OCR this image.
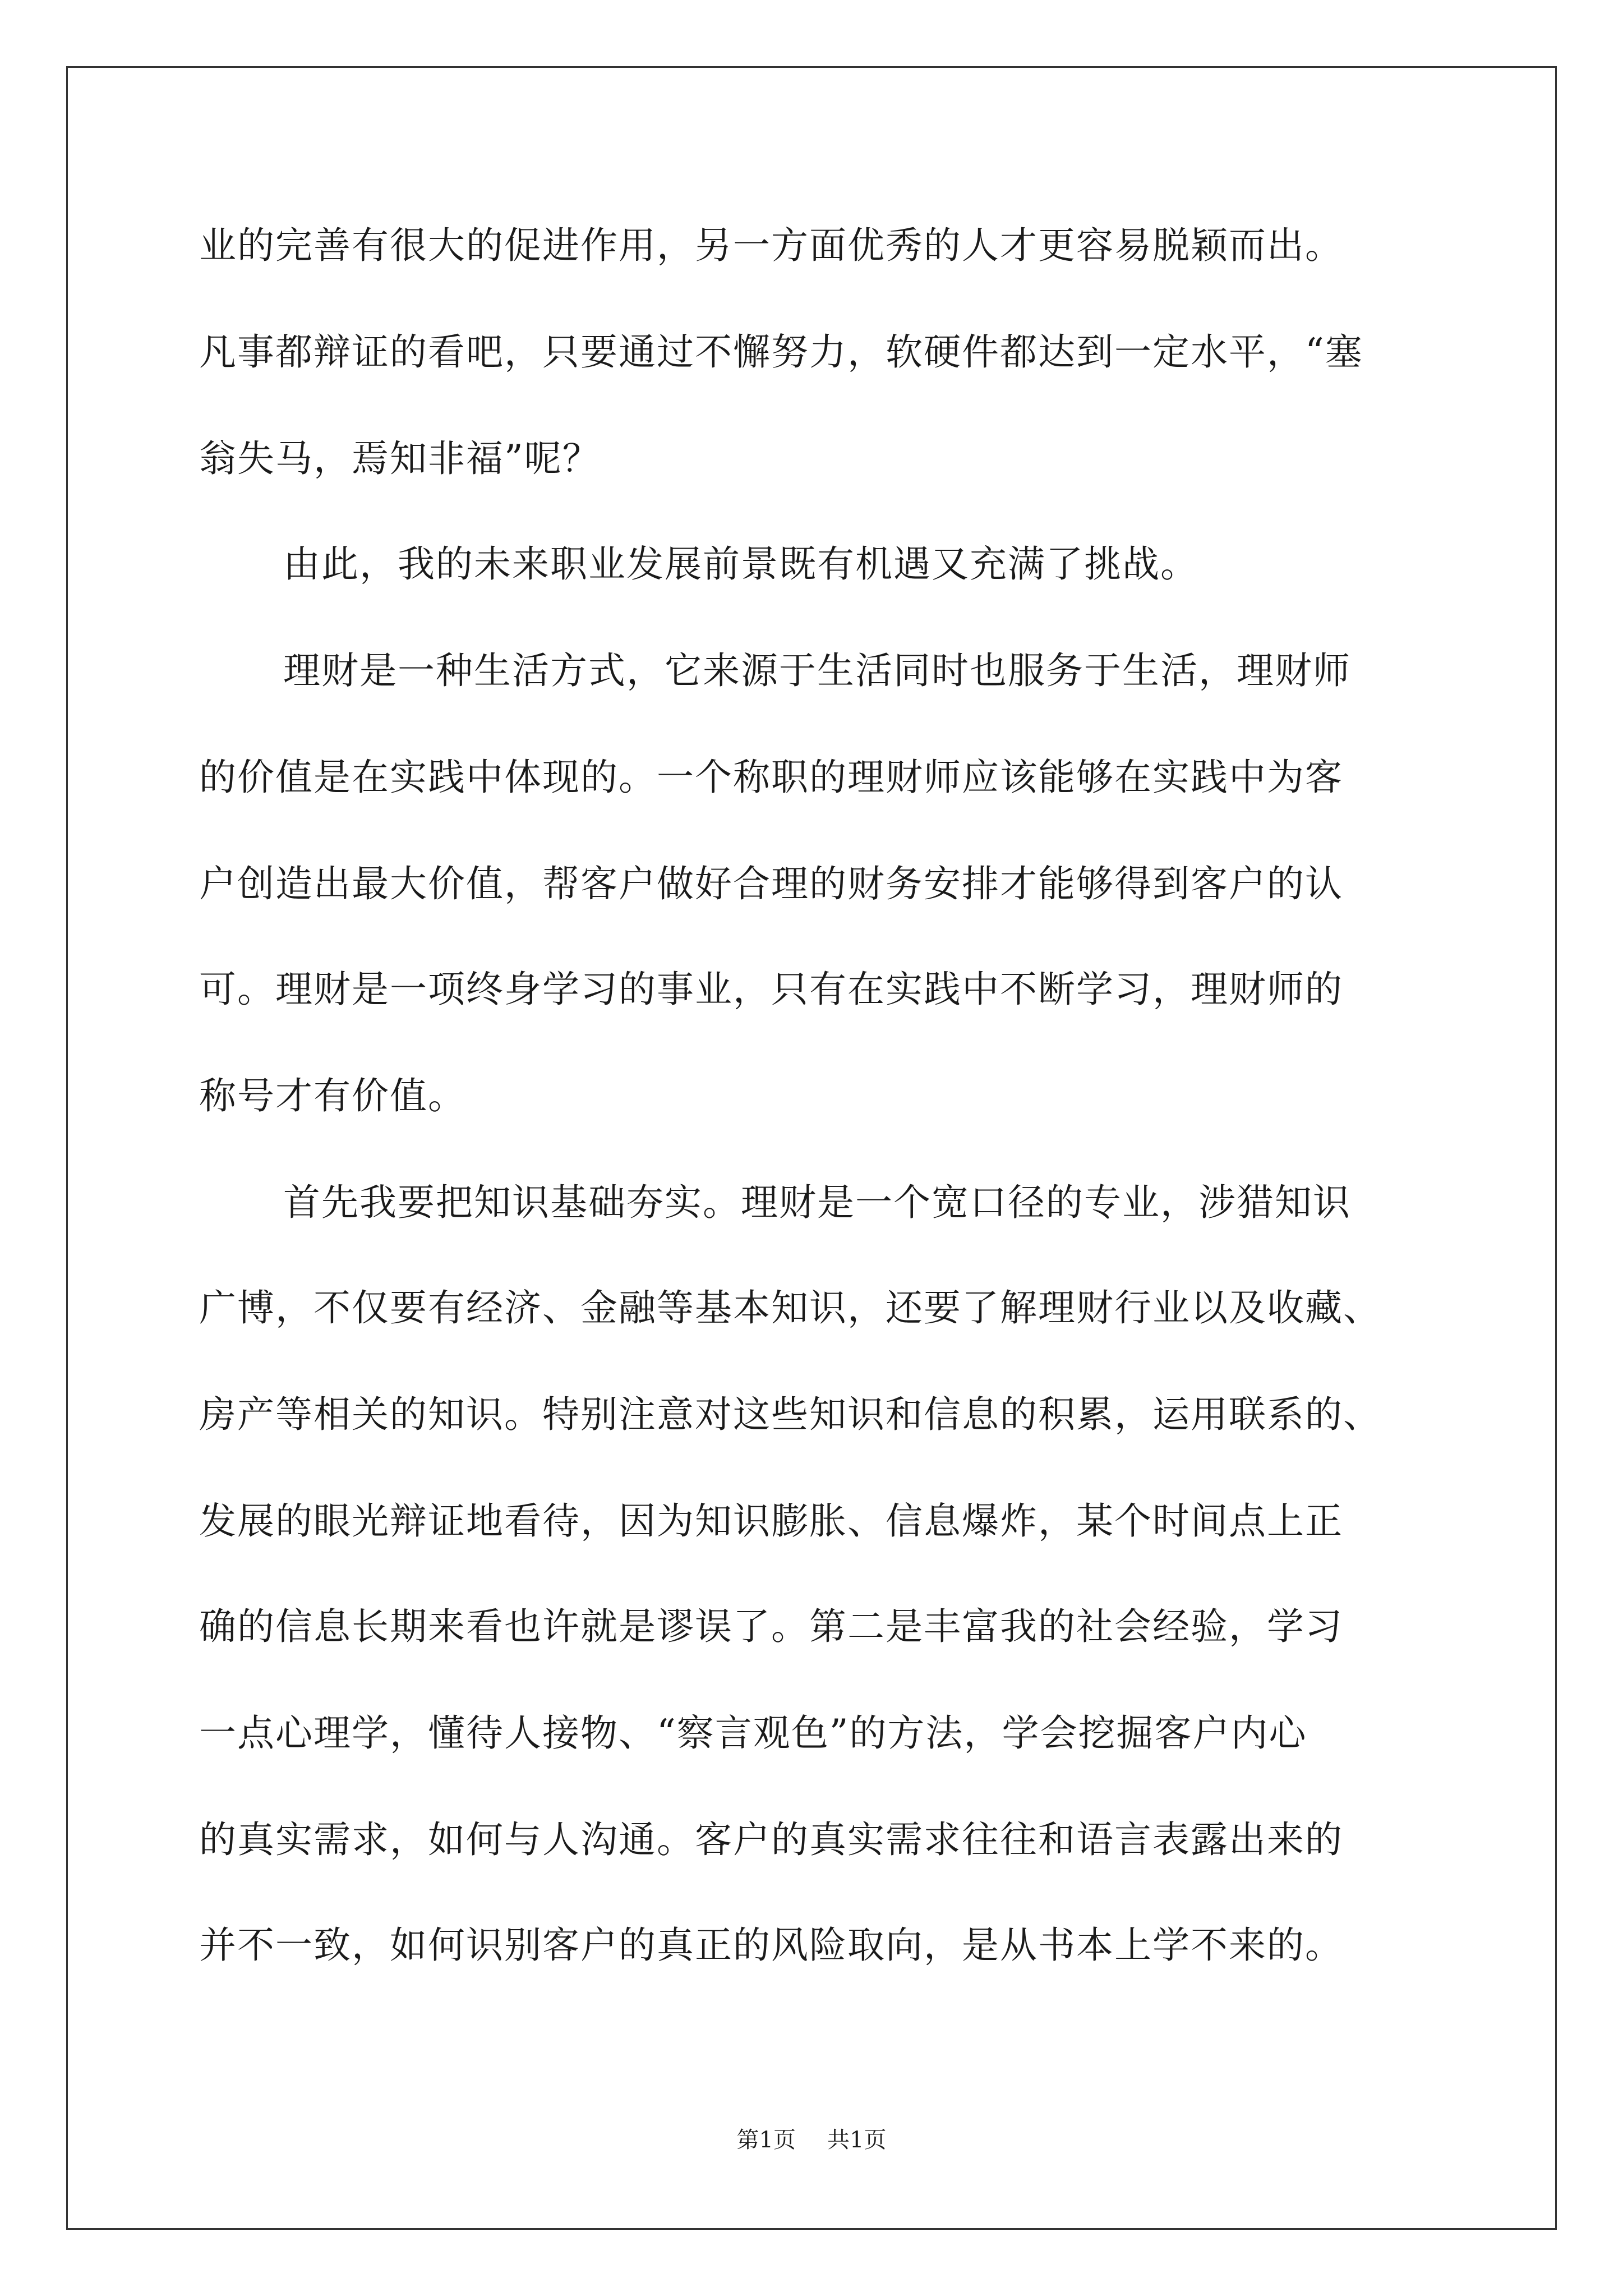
业的完善有很大的促进作用，另一方面优秀的人才更容易脱颖而出。
凡事都辩证的看吧，只要通过不懈努力，软硬件都达到一定水平，“塞
翁失马，焉知非福”呢？
由此，我的未来职业发展前景既有机遇又充满了挑战。
理财是一种生活方式，它来源于生活同时也服务于生活，理财师
的价值是在实践中体现的。一个称职的理财师应该能够在实践中为客
户创造出最大价值，帮客户做好合理的财务安排才能够得到客户的认
可。理财是一项终身学习的事业，只有在实践中不断学习，理财师的
称号才有价值。
首先我要把知识基础夯实。理财是一个宽口径的专业，涉猎知识
广博，不仅要有经济、金融等基本知识，还要了解理财行业以及收藏、
房产等相关的知识。特别注意对这些知识和信息的积累，运用联系的、
发展的眼光辩证地看待，因为知识膨胀、信息爆炸，某个时间点上正
确的信息长期来看也许就是谬误了。第二是丰富我的社会经验，学习
一点心理学，懂待人接物、“察言观色”的方法，学会挖掘客户内心
的真实需求，如何与人沟通。客户的真实需求往往和语言表露出来的
并不一致，如何识别客户的真正的风险取向，是从书本上学不来的。
第1页 共1页
